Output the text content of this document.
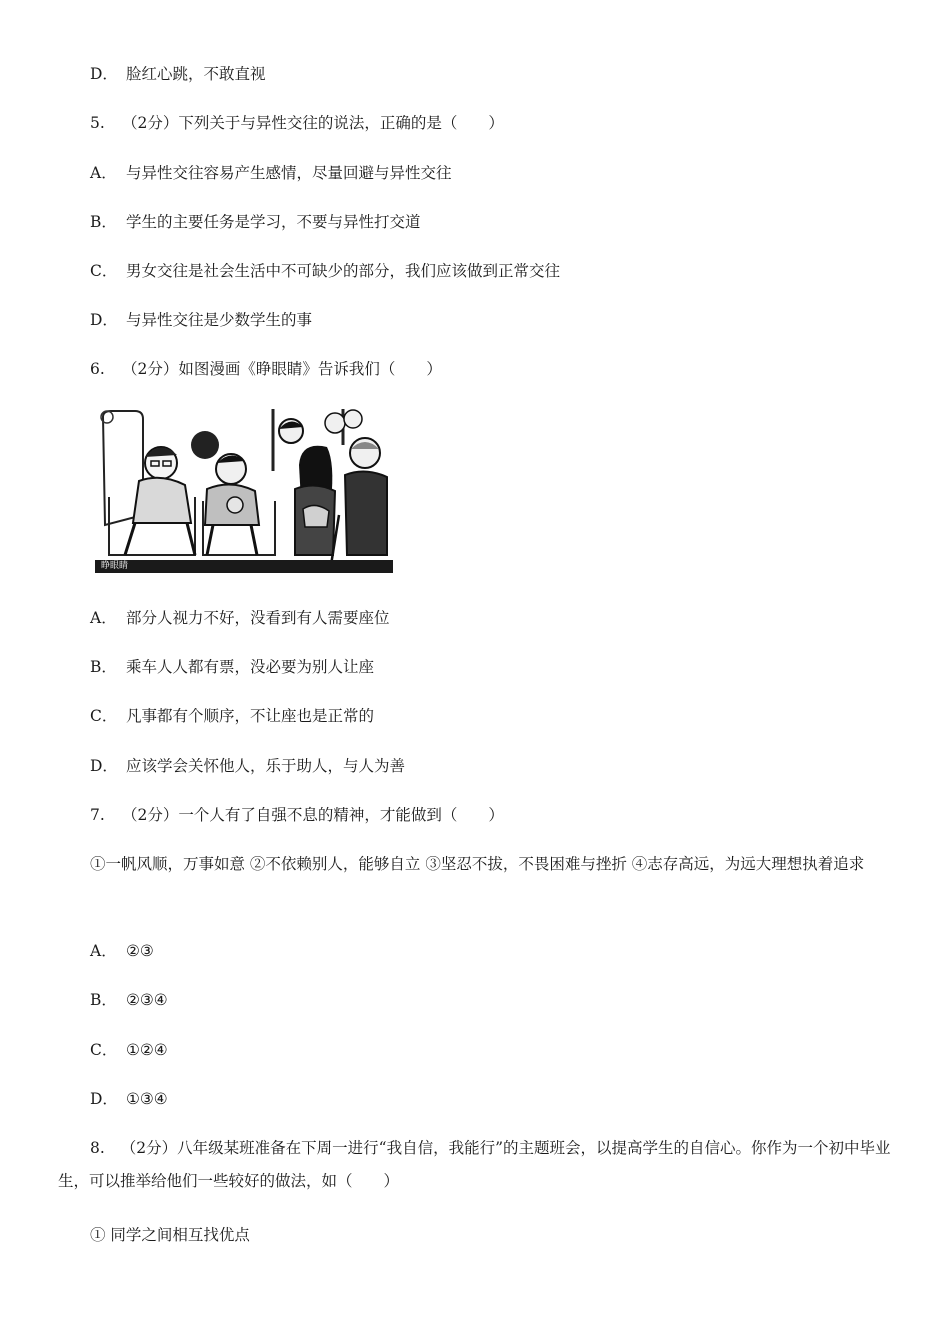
D． 脸红心跳，不敢直视
5. （2分）下列关于与异性交往的说法，正确的是（　　）
A． 与异性交往容易产生感情，尽量回避与异性交往
B． 学生的主要任务是学习，不要与异性打交道
C． 男女交往是社会生活中不可缺少的部分，我们应该做到正常交往
D． 与异性交往是少数学生的事
6. （2分）如图漫画《睁眼睛》告诉我们（　　）
睁眼睛
A． 部分人视力不好，没看到有人需要座位
B． 乘车人人都有票，没必要为别人让座
C． 凡事都有个顺序，不让座也是正常的
D． 应该学会关怀他人，乐于助人，与人为善
7. （2分）一个人有了自强不息的精神，才能做到（　　）
①一帆风顺，万事如意 ②不依赖别人，能够自立 ③坚忍不拔，不畏困难与挫折 ④志存高远，为远大理想执着追求
A． ②③
B． ②③④
C． ①②④
D． ①③④
8. （2分）八年级某班准备在下周一进行“我自信，我能行”的主题班会，以提高学生的自信心。你作为一个初中毕业生，可以推举给他们一些较好的做法，如（　　）
① 同学之间相互找优点
